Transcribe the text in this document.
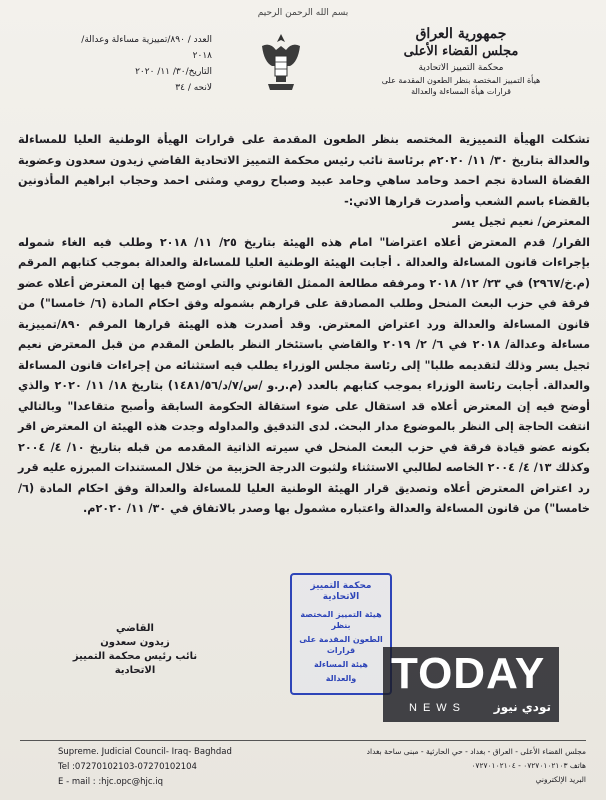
بسم الله الرحمن الرحيم
جمهورية العراق
مجلس القضاء الأعلى
محكمة التمييز الاتحادية
هيأة التمييز المختصة بنظر الطعون المقدمة على
قرارات هيأة المساءلة والعدالة
العدد / ٨٩٠/تمييزية مساءلة وعدالة/٢٠١٨
التاريخ/٣٠/ ١١/ ٢٠٢٠
لانحه / ٣٤

تشكلت الهيأة التمييزية المختصه بنظر الطعون المقدمة على قرارات الهيأة الوطنية العليا للمساءلة والعدالة بتاريخ ٣٠/ ١١/ ٢٠٢٠م برئاسة نائب رئيس محكمة التمييز الاتحادية القاضي زيدون سعدون وعضوية القضاة السادة نجم احمد وحامد ساهي وحامد عبيد وصباح رومي ومثنى احمد وحجاب ابراهيم المأذونين بالقضاء باسم الشعب وأصدرت قرارها الاتي:-

المعترض/ نعيم ثجيل يسر

القرار/ قدم المعترض أعلاه اعتراضا" امام هذه الهيئة بتاريخ ٢٥/ ١١/ ٢٠١٨ وطلب فيه الغاء شموله بإجراءات قانون المساءلة والعدالة . أجابت الهيئة الوطنية العليا للمساءلة والعدالة بموجب كتابهم المرقم (م.خ/٢٩٦٧) في ٢٣/ ١٢/ ٢٠١٨ ومرفقه مطالعة الممثل القانوني والتي اوضح فيها إن المعترض أعلاه عضو فرقة في حزب البعث المنحل وطلب المصادقة على قرارهم بشموله وفق احكام المادة (٦/ خامسا") من قانون المساءلة والعدالة ورد اعتراض المعترض. وقد أصدرت هذه الهيئة قرارها المرقم ٨٩٠/تمييزية مساءلة وعدالة/ ٢٠١٨ في ٦/ ٢/ ٢٠١٩ والقاضي باستئخار النظر بالطعن المقدم من قبل المعترض نعيم ثجيل يسر وذلك لتقديمه طلبا" إلى رئاسة مجلس الوزراء يطلب فيه استثنائه من إجراءات قانون المساءلة والعدالة. أجابت رئاسة الوزراء بموجب كتابهم بالعدد (م.ر.و /س/٧/د/١٤٨١/٥٦) بتاريخ ١٨/ ١١/ ٢٠٢٠ والذي أوضح فيه إن المعترض أعلاه قد استقال على ضوء استقالة الحكومة السابقة وأصبح متقاعدا" وبالتالي انتفت الحاجة إلى النظر بالموضوع مدار البحث. لدى التدقيق والمداوله وجدت هذه الهيئة ان المعترض اقر بكونه عضو قيادة فرقة في حزب البعث المنحل في سيرته الذاتية المقدمه من قبله بتاريخ ١٠/ ٤/ ٢٠٠٤ وكذلك ١٣/ ٤/ ٢٠٠٤ الخاصه لطالبي الاستثناء ولثبوت الدرجة الحزبية من خلال المستندات المبرزه عليه قرر رد اعتراض المعترض أعلاه وتصديق قرار الهيئة الوطنية العليا للمساءلة والعدالة وفق احكام المادة (٦/ خامسا") من قانون المساءلة والعدالة واعتباره مشمول بها وصدر بالاتفاق في ٣٠/ ١١/ ٢٠٢٠م.

محكمة التمييز الاتحادية
هيئة التمييز المختصة بنظر
الطعون المقدمة على قرارات
هيئة المساءلة
والعدالة
القاضي
زيدون سعدون
نائب رئيس محكمة التمييز الاتحادية	TODAY
NEWS تودي نيوز
Supreme. Judicial Council- Iraq- Baghdad
Tel :07270102103-07270102104
E - mail : :hjc.opc@hjc.iq
مجلس القضاء الأعلى - العراق - بغداد - حي الحارثية - مبنى ساحة بغداد
هاتف ٠٧٢٧٠١٠٢١٠٣ - ٠٧٢٧٠١٠٢١٠٤
البريد الإلكتروني
